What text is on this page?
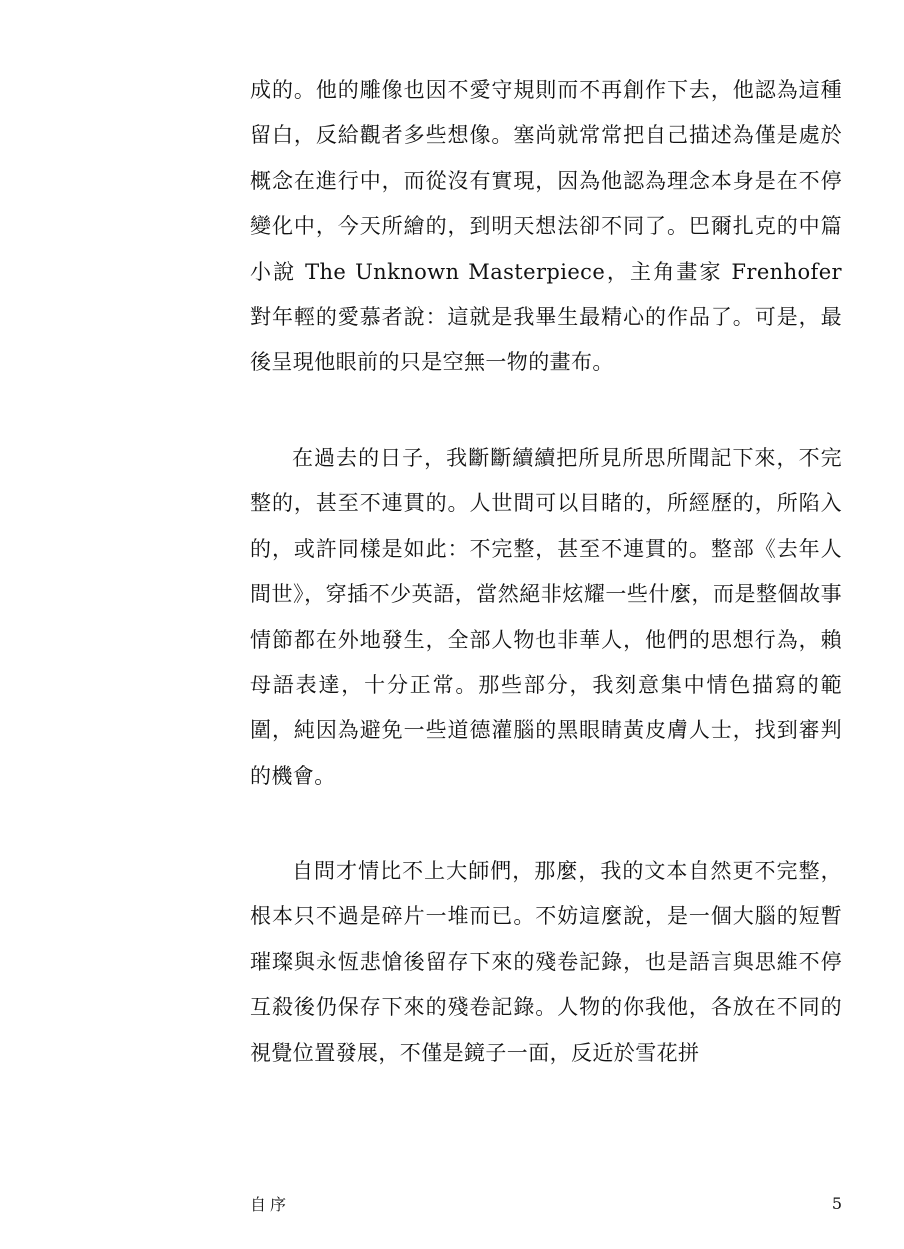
成的。他的雕像也因不愛守規則而不再創作下去，他認為這種留白，反給觀者多些想像。塞尚就常常把自己描述為僅是處於概念在進行中，而從沒有實現，因為他認為理念本身是在不停變化中，今天所繪的，到明天想法卻不同了。巴爾扎克的中篇小說 The Unknown Masterpiece，主角畫家 Frenhofer 對年輕的愛慕者說：這就是我畢生最精心的作品了。可是，最後呈現他眼前的只是空無一物的畫布。

在過去的日子，我斷斷續續把所見所思所聞記下來，不完整的，甚至不連貫的。人世間可以目睹的，所經歷的，所陷入的，或許同樣是如此：不完整，甚至不連貫的。整部《去年人間世》，穿插不少英語，當然絕非炫耀一些什麼，而是整個故事情節都在外地發生，全部人物也非華人，他們的思想行為，賴母語表達，十分正常。那些部分，我刻意集中情色描寫的範圍，純因為避免一些道德灌腦的黑眼睛黃皮膚人士，找到審判的機會。

自問才情比不上大師們，那麼，我的文本自然更不完整，根本只不過是碎片一堆而已。不妨這麼說，是一個大腦的短暫璀璨與永恆悲愴後留存下來的殘卷記錄，也是語言與思維不停互殺後仍保存下來的殘卷記錄。人物的你我他，各放在不同的視覺位置發展，不僅是鏡子一面，反近於雪花拼

自序	5
